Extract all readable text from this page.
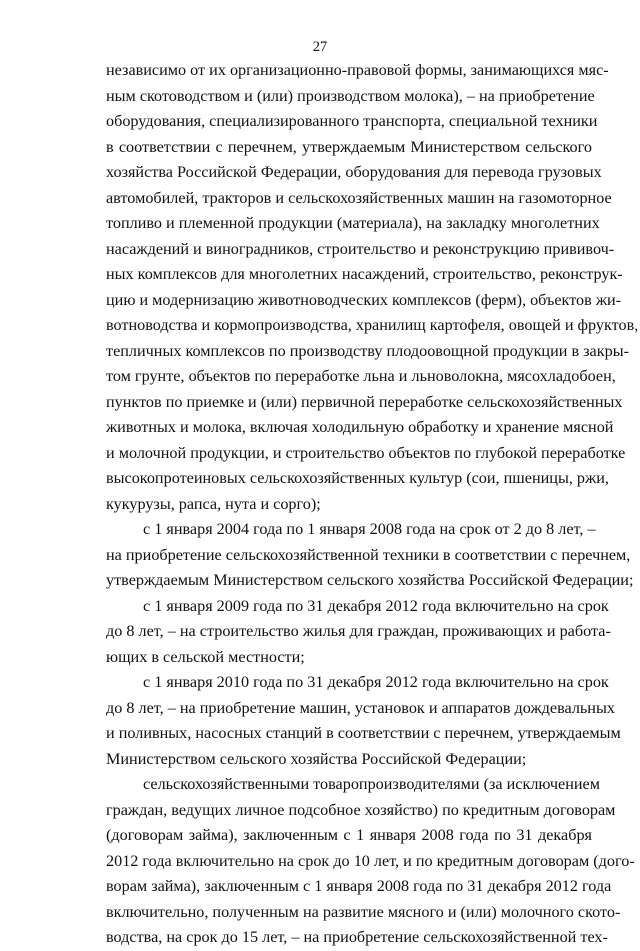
27
независимо от их организационно-правовой формы, занимающихся мяс-
ным скотоводством и (или) производством молока), – на приобретение
оборудования, специализированного транспорта, специальной техники
в соответствии с перечнем, утверждаемым Министерством сельского
хозяйства Российской Федерации, оборудования для перевода грузовых
автомобилей, тракторов и сельскохозяйственных машин на газомоторное
топливо и племенной продукции (материала), на закладку многолетних
насаждений и виноградников, строительство и реконструкцию прививоч-
ных комплексов для многолетних насаждений, строительство, реконструк-
цию и модернизацию животноводческих комплексов (ферм), объектов жи-
вотноводства и кормопроизводства, хранилищ картофеля, овощей и фруктов,
тепличных комплексов по производству плодоовощной продукции в закры-
том грунте, объектов по переработке льна и льноволокна, мясохладобоен,
пунктов по приемке и (или) первичной переработке сельскохозяйственных
животных и молока, включая холодильную обработку и хранение мясной
и молочной продукции, и строительство объектов по глубокой переработке
высокопротеиновых сельскохозяйственных культур (сои, пшеницы, ржи,
кукурузы, рапса, нута и сорго);
с 1 января 2004 года по 1 января 2008 года на срок от 2 до 8 лет, –
на приобретение сельскохозяйственной техники в соответствии с перечнем,
утверждаемым Министерством сельского хозяйства Российской Федерации;
с 1 января 2009 года по 31 декабря 2012 года включительно на срок
до 8 лет, – на строительство жилья для граждан, проживающих и работа-
ющих в сельской местности;
с 1 января 2010 года по 31 декабря 2012 года включительно на срок
до 8 лет, – на приобретение машин, установок и аппаратов дождевальных
и поливных, насосных станций в соответствии с перечнем, утверждаемым
Министерством сельского хозяйства Российской Федерации;
сельскохозяйственными товаропроизводителями (за исключением
граждан, ведущих личное подсобное хозяйство) по кредитным договорам
(договорам займа), заключенным с 1 января 2008 года по 31 декабря
2012 года включительно на срок до 10 лет, и по кредитным договорам (дого-
ворам займа), заключенным с 1 января 2008 года по 31 декабря 2012 года
включительно, полученным на развитие мясного и (или) молочного ското-
водства, на срок до 15 лет, – на приобретение сельскохозяйственной тех-
